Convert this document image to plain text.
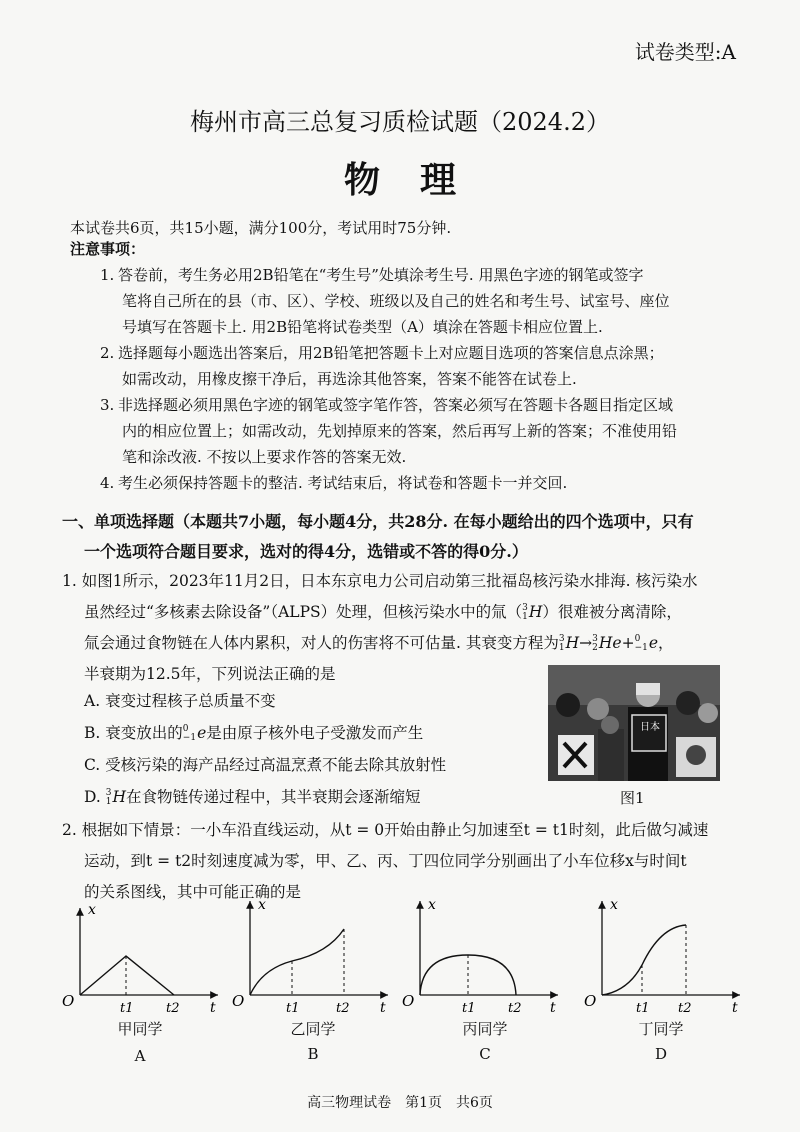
试卷类型:A
梅州市高三总复习质检试题（2024.2）
物理
本试卷共6页，共15小题，满分100分，考试用时75分钟.
注意事项：
1. 答卷前，考生务必用2B铅笔在“考生号”处填涂考生号. 用黑色字迹的钢笔或签字
笔将自己所在的县（市、区）、学校、班级以及自己的姓名和考生号、试室号、座位
号填写在答题卡上. 用2B铅笔将试卷类型（A）填涂在答题卡相应位置上.
2. 选择题每小题选出答案后，用2B铅笔把答题卡上对应题目选项的答案信息点涂黑；
如需改动，用橡皮擦干净后，再选涂其他答案，答案不能答在试卷上.
3. 非选择题必须用黑色字迹的钢笔或签字笔作答，答案必须写在答题卡各题目指定区域
内的相应位置上；如需改动，先划掉原来的答案，然后再写上新的答案；不准使用铅
笔和涂改液. 不按以上要求作答的答案无效.
4. 考生必须保持答题卡的整洁. 考试结束后，将试卷和答题卡一并交回.
一、单项选择题（本题共7小题，每小题4分，共28分. 在每小题给出的四个选项中，只有
一个选项符合题目要求，选对的得4分，选错或不答的得0分.）
1. 如图1所示，2023年11月2日，日本东京电力公司启动第三批福岛核污染水排海. 核污染水
虽然经过“多核素去除设备”（ALPS）处理，但核污染水中的氚（ 3
1 H）很难被分离清除，
氚会通过食物链在人体内累积，对人的伤害将不可估量. 其衰变方程为 3
1 H→ 3
2 He+ 0
−1 e，
半衰期为12.5年，下列说法正确的是
A. 衰变过程核子总质量不变
B. 衰变放出的 0
−1 e是由原子核外电子受激发而产生
C. 受核污染的海产品经过高温烹煮不能去除其放射性
D. 3
1 H在食物链传递过程中，其半衰期会逐渐缩短
日本
图1
2. 根据如下情景：一小车沿直线运动，从t = 0开始由静止匀加速至t = t1时刻，此后做匀减速
运动，到t = t2时刻速度减为零，甲、乙、丙、丁四位同学分别画出了小车位移x与时间t
的关系图线，其中可能正确的是
x
O	t
t1	t2
甲同学
A
x
O	t
t1	t2
乙同学
B
x
O	t
t1	t2
丙同学
C
x
O	t
t1 t2
丁同学
D
高三物理试卷　第1页　共6页
